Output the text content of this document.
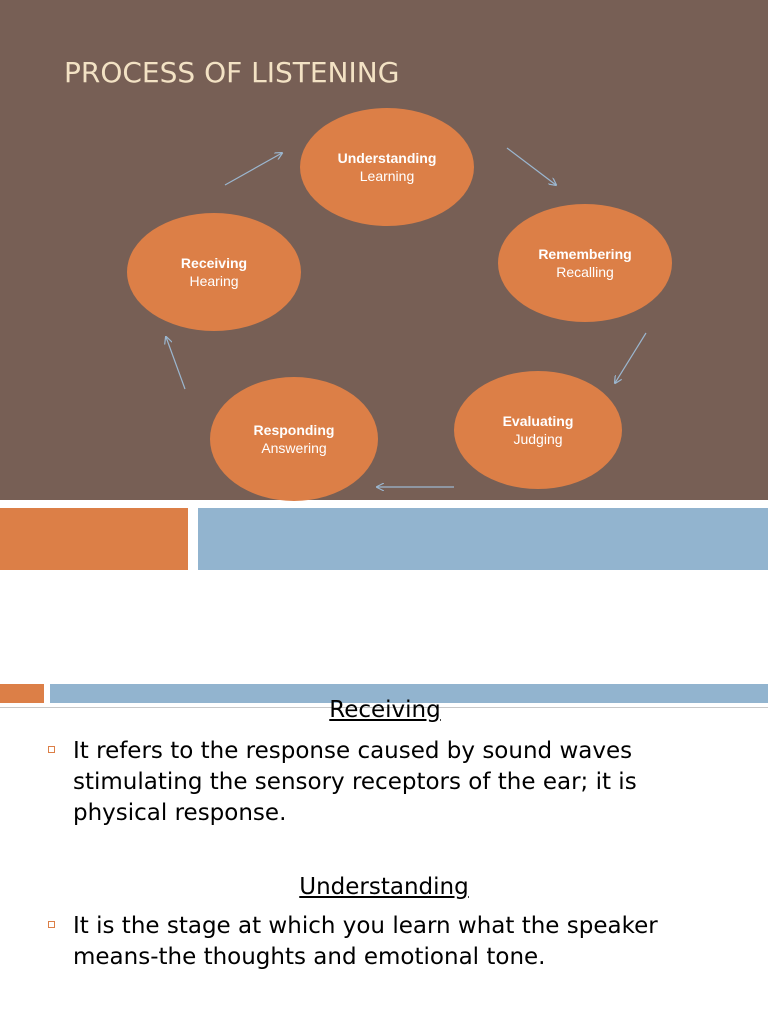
PROCESS OF LISTENING
Understanding
Learning
Remembering
Recalling
Evaluating
Judging
Responding
Answering
Receiving
Hearing
Receiving
It refers to the response caused by sound waves stimulating the sensory receptors of the ear; it is physical response.
Understanding
It is the stage at which you learn what the speaker means-the thoughts and emotional tone.
